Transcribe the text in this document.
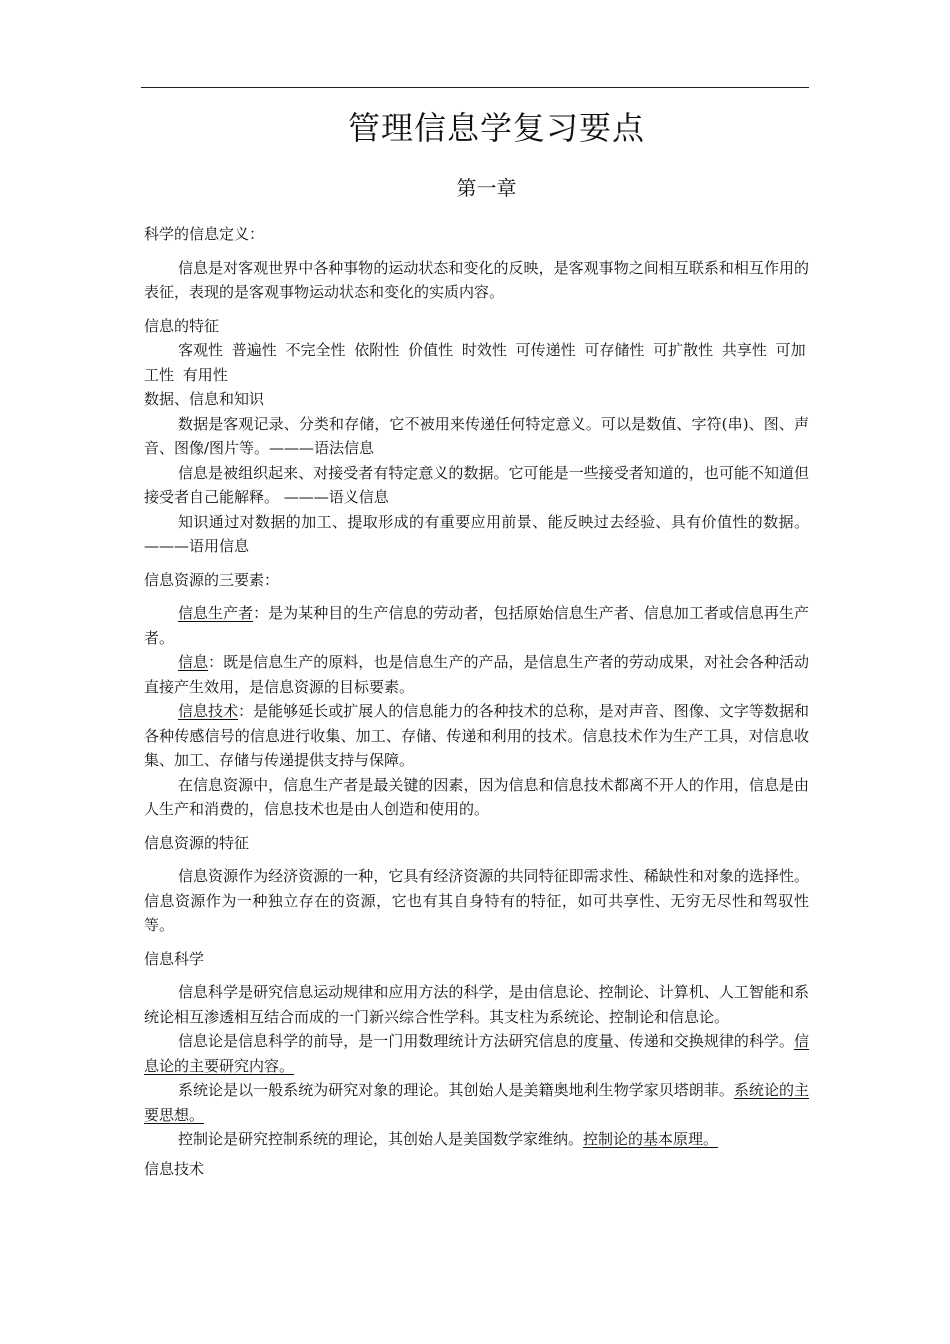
管理信息学复习要点
第一章

科学的信息定义：

信息是对客观世界中各种事物的运动状态和变化的反映，是客观事物之间相互联系和相互作用的表征，表现的是客观事物运动状态和变化的实质内容。

信息的特征

客观性 普遍性 不完全性 依附性 价值性 时效性 可传递性 可存储性 可扩散性 共享性 可加工性 有用性

数据、信息和知识

数据是客观记录、分类和存储，它不被用来传递任何特定意义。可以是数值、字符(串)、图、声音、图像/图片等。———语法信息

信息是被组织起来、对接受者有特定意义的数据。它可能是一些接受者知道的，也可能不知道但接受者自己能解释。 ———语义信息

知识通过对数据的加工、提取形成的有重要应用前景、能反映过去经验、具有价值性的数据。 ———语用信息

信息资源的三要素：

信息生产者：是为某种目的生产信息的劳动者，包括原始信息生产者、信息加工者或信息再生产者。

信息：既是信息生产的原料，也是信息生产的产品，是信息生产者的劳动成果，对社会各种活动直接产生效用，是信息资源的目标要素。

信息技术：是能够延长或扩展人的信息能力的各种技术的总称，是对声音、图像、文字等数据和各种传感信号的信息进行收集、加工、存储、传递和利用的技术。信息技术作为生产工具，对信息收集、加工、存储与传递提供支持与保障。

在信息资源中，信息生产者是最关键的因素，因为信息和信息技术都离不开人的作用，信息是由人生产和消费的，信息技术也是由人创造和使用的。

信息资源的特征

信息资源作为经济资源的一种，它具有经济资源的共同特征即需求性、稀缺性和对象的选择性。信息资源作为一种独立存在的资源，它也有其自身特有的特征，如可共享性、无穷无尽性和驾驭性等。

信息科学

信息科学是研究信息运动规律和应用方法的科学，是由信息论、控制论、计算机、人工智能和系统论相互渗透相互结合而成的一门新兴综合性学科。其支柱为系统论、控制论和信息论。

信息论是信息科学的前导，是一门用数理统计方法研究信息的度量、传递和交换规律的科学。信息论的主要研究内容。

系统论是以一般系统为研究对象的理论。其创始人是美籍奥地利生物学家贝塔朗菲。系统论的主要思想。

控制论是研究控制系统的理论，其创始人是美国数学家维纳。控制论的基本原理。

信息技术
